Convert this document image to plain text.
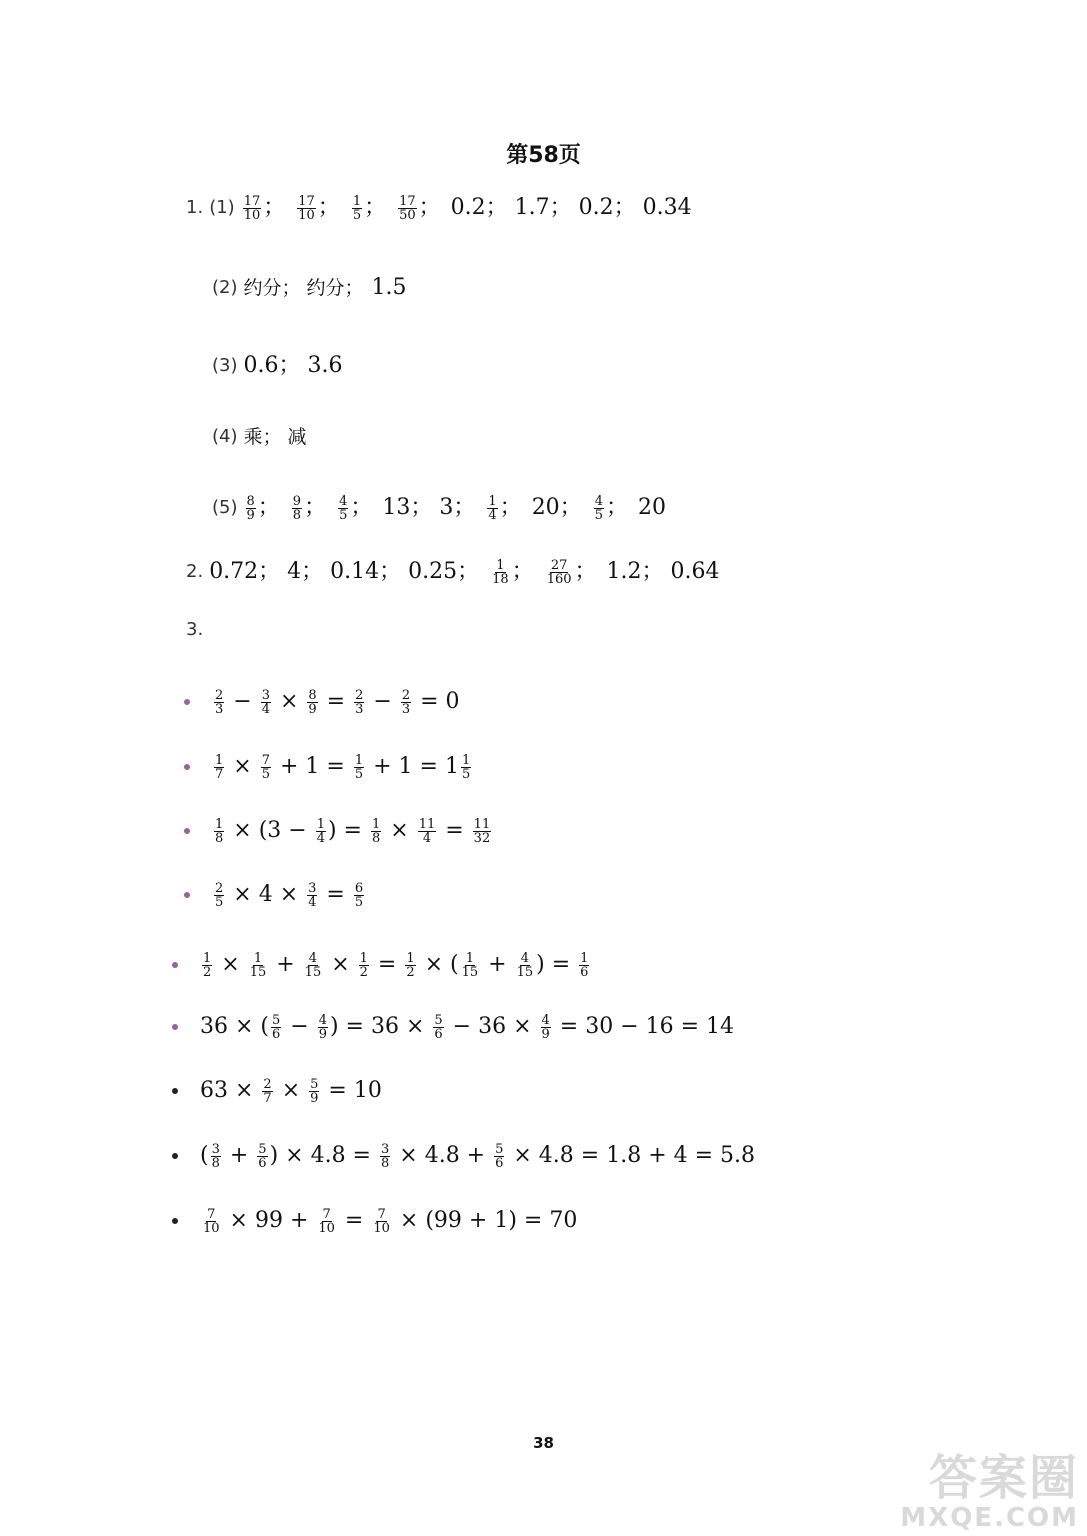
第58页
1. $(1) \frac{17}{10}$ ； $\frac{17}{10}$ ； $\frac{1}{5}$ ； $\frac{17}{50}$ ； 0.2； 1.7； 0.2； 0.34
(2) 约分； 约分； 1.5
(3) 0.6； 3.6
(4) 乘； 减
$(5) \frac{8}{9}$ ； $\frac{9}{8}$ ； $\frac{4}{5}$ ； 13； 3； $\frac{1}{4}$ ； 20； $\frac{4}{5}$ ； 20
2. 0.72； 4； 0.14； 0.25； $\frac{1}{18}$ ； $\frac{27}{160}$ ； 1.2； 0.64
3.
$\frac{2}{3} - \frac{3}{4} \times \frac{8}{9} = \frac{2}{3} - \frac{2}{3} = 0$
$\frac{1}{7} \times \frac{7}{5} + 1 = \frac{1}{5} + 1 = 1 \frac{1}{5}$
$\frac{1}{8} \times (3 - \frac{1}{4}$ ) = $\frac{1}{8} \times \frac{11}{4} = \frac{11}{32}$
$\frac{2}{5} \times 4 \times \frac{3}{4} = \frac{6}{5}$
$\frac{1}{2} \times \frac{1}{15} + \frac{4}{15} \times \frac{1}{2} = \frac{1}{2}$ × ( $\frac{1}{15} + \frac{4}{15}$ ) = $\frac{1}{6}$
36 × ( $\frac{5}{6} - \frac{4}{9}$ ) = $36 \times \frac{5}{6} - 36 \times \frac{4}{9} = 30 - 16 = 14$
$63 \times \frac{2}{7} \times \frac{5}{9} = 10$
( $\frac{3}{8} + \frac{5}{6}$ ) × $4.8 = \frac{3}{8} \times 4.8 + \frac{5}{6} \times 4.8 = 1.8 + 4 = 5.8$
$\frac{7}{10} \times 99 + \frac{7}{10} = \frac{7}{10} \times (99 + 1) = 70$
38
答案圈
MXQE.COM
